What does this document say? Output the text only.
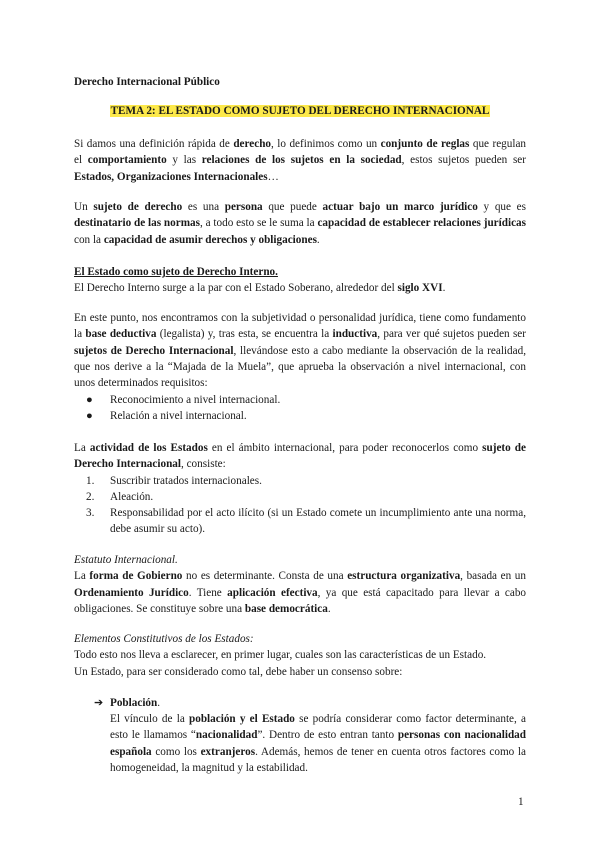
Derecho Internacional Público
TEMA 2: EL ESTADO COMO SUJETO DEL DERECHO INTERNACIONAL
Si damos una definición rápida de derecho, lo definimos como un conjunto de reglas que regulan el comportamiento y las relaciones de los sujetos en la sociedad, estos sujetos pueden ser Estados, Organizaciones Internacionales…
Un sujeto de derecho es una persona que puede actuar bajo un marco jurídico y que es destinatario de las normas, a todo esto se le suma la capacidad de establecer relaciones jurídicas con la capacidad de asumir derechos y obligaciones.
El Estado como sujeto de Derecho Interno.
El Derecho Interno surge a la par con el Estado Soberano, alrededor del siglo XVI.
En este punto, nos encontramos con la subjetividad o personalidad jurídica, tiene como fundamento la base deductiva (legalista) y, tras esta, se encuentra la inductiva, para ver qué sujetos pueden ser sujetos de Derecho Internacional, llevándose esto a cabo mediante la observación de la realidad, que nos derive a la “Majada de la Muela”, que aprueba la observación a nivel internacional, con unos determinados requisitos:
● Reconocimiento a nivel internacional.
● Relación a nivel internacional.
La actividad de los Estados en el ámbito internacional, para poder reconocerlos como sujeto de Derecho Internacional, consiste:
1. Suscribir tratados internacionales.
2. Aleación.
3. Responsabilidad por el acto ilícito (si un Estado comete un incumplimiento ante una norma, debe asumir su acto).
Estatuto Internacional.
La forma de Gobierno no es determinante. Consta de una estructura organizativa, basada en un Ordenamiento Jurídico. Tiene aplicación efectiva, ya que está capacitado para llevar a cabo obligaciones. Se constituye sobre una base democrática.
Elementos Constitutivos de los Estados:
Todo esto nos lleva a esclarecer, en primer lugar, cuales son las características de un Estado.
Un Estado, para ser considerado como tal, debe haber un consenso sobre:
➔ Población.
El vínculo de la población y el Estado se podría considerar como factor determinante, a esto le llamamos “nacionalidad”. Dentro de esto entran tanto personas con nacionalidad española como los extranjeros. Además, hemos de tener en cuenta otros factores como la homogeneidad, la magnitud y la estabilidad.
1
